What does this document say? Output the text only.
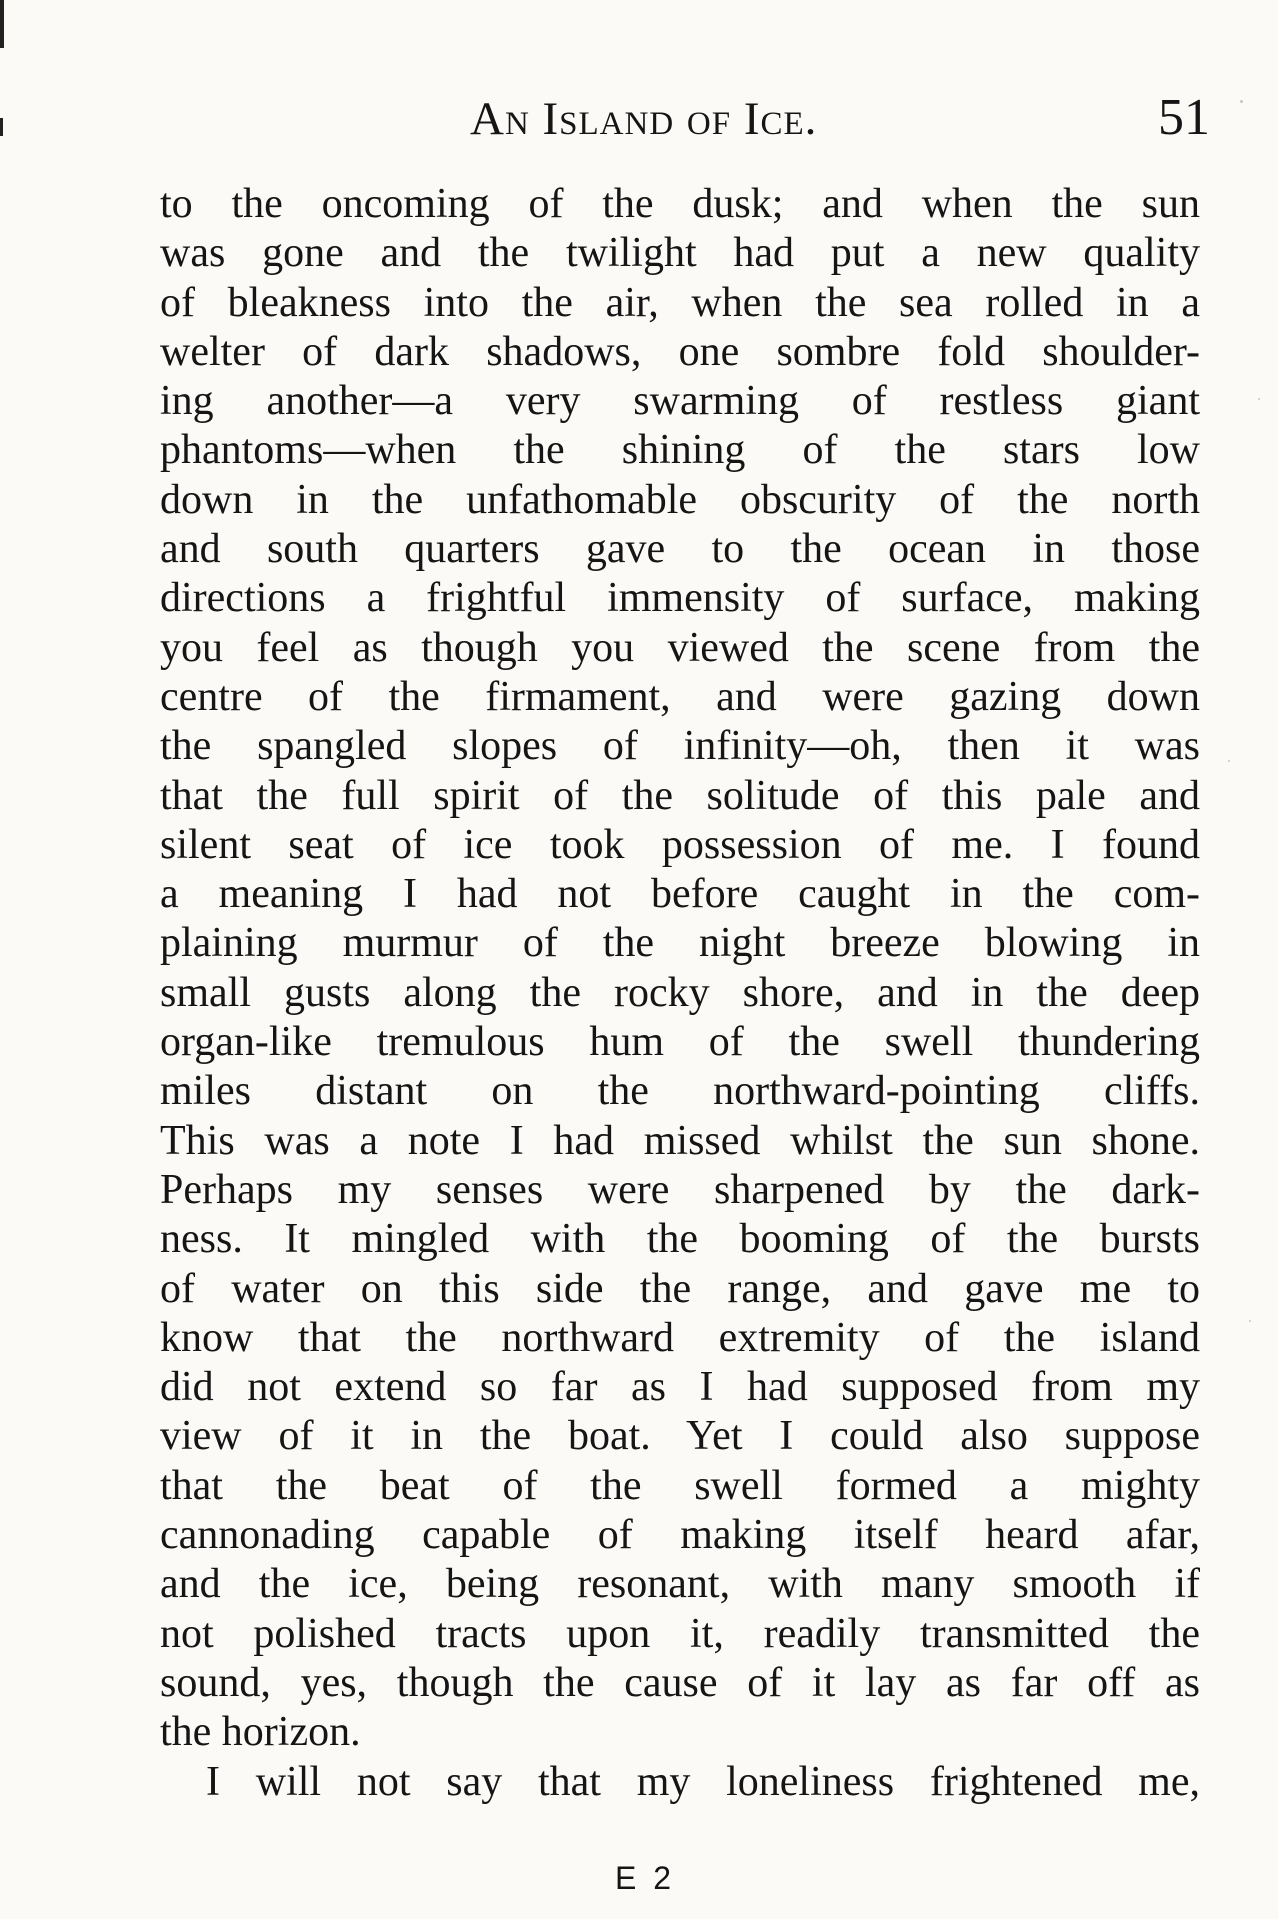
An Island of Ice.	51
to the oncoming of the dusk; and when the sun
was gone and the twilight had put a new quality
of bleakness into the air, when the sea rolled in a
welter of dark shadows, one sombre fold shoulder-
ing another—a very swarming of restless giant
phantoms—when the shining of the stars low
down in the unfathomable obscurity of the north
and south quarters gave to the ocean in those
directions a frightful immensity of surface, making
you feel as though you viewed the scene from the
centre of the firmament, and were gazing down
the spangled slopes of infinity—oh, then it was
that the full spirit of the solitude of this pale and
silent seat of ice took possession of me. I found
a meaning I had not before caught in the com-
plaining murmur of the night breeze blowing in
small gusts along the rocky shore, and in the deep
organ-like tremulous hum of the swell thundering
miles distant on the northward-pointing cliffs.
This was a note I had missed whilst the sun shone.
Perhaps my senses were sharpened by the dark-
ness. It mingled with the booming of the bursts
of water on this side the range, and gave me to
know that the northward extremity of the island
did not extend so far as I had supposed from my
view of it in the boat. Yet I could also suppose
that the beat of the swell formed a mighty
cannonading capable of making itself heard afar,
and the ice, being resonant, with many smooth if
not polished tracts upon it, readily transmitted the
sound, yes, though the cause of it lay as far off as
the horizon.
I will not say that my loneliness frightened me,
E 2
